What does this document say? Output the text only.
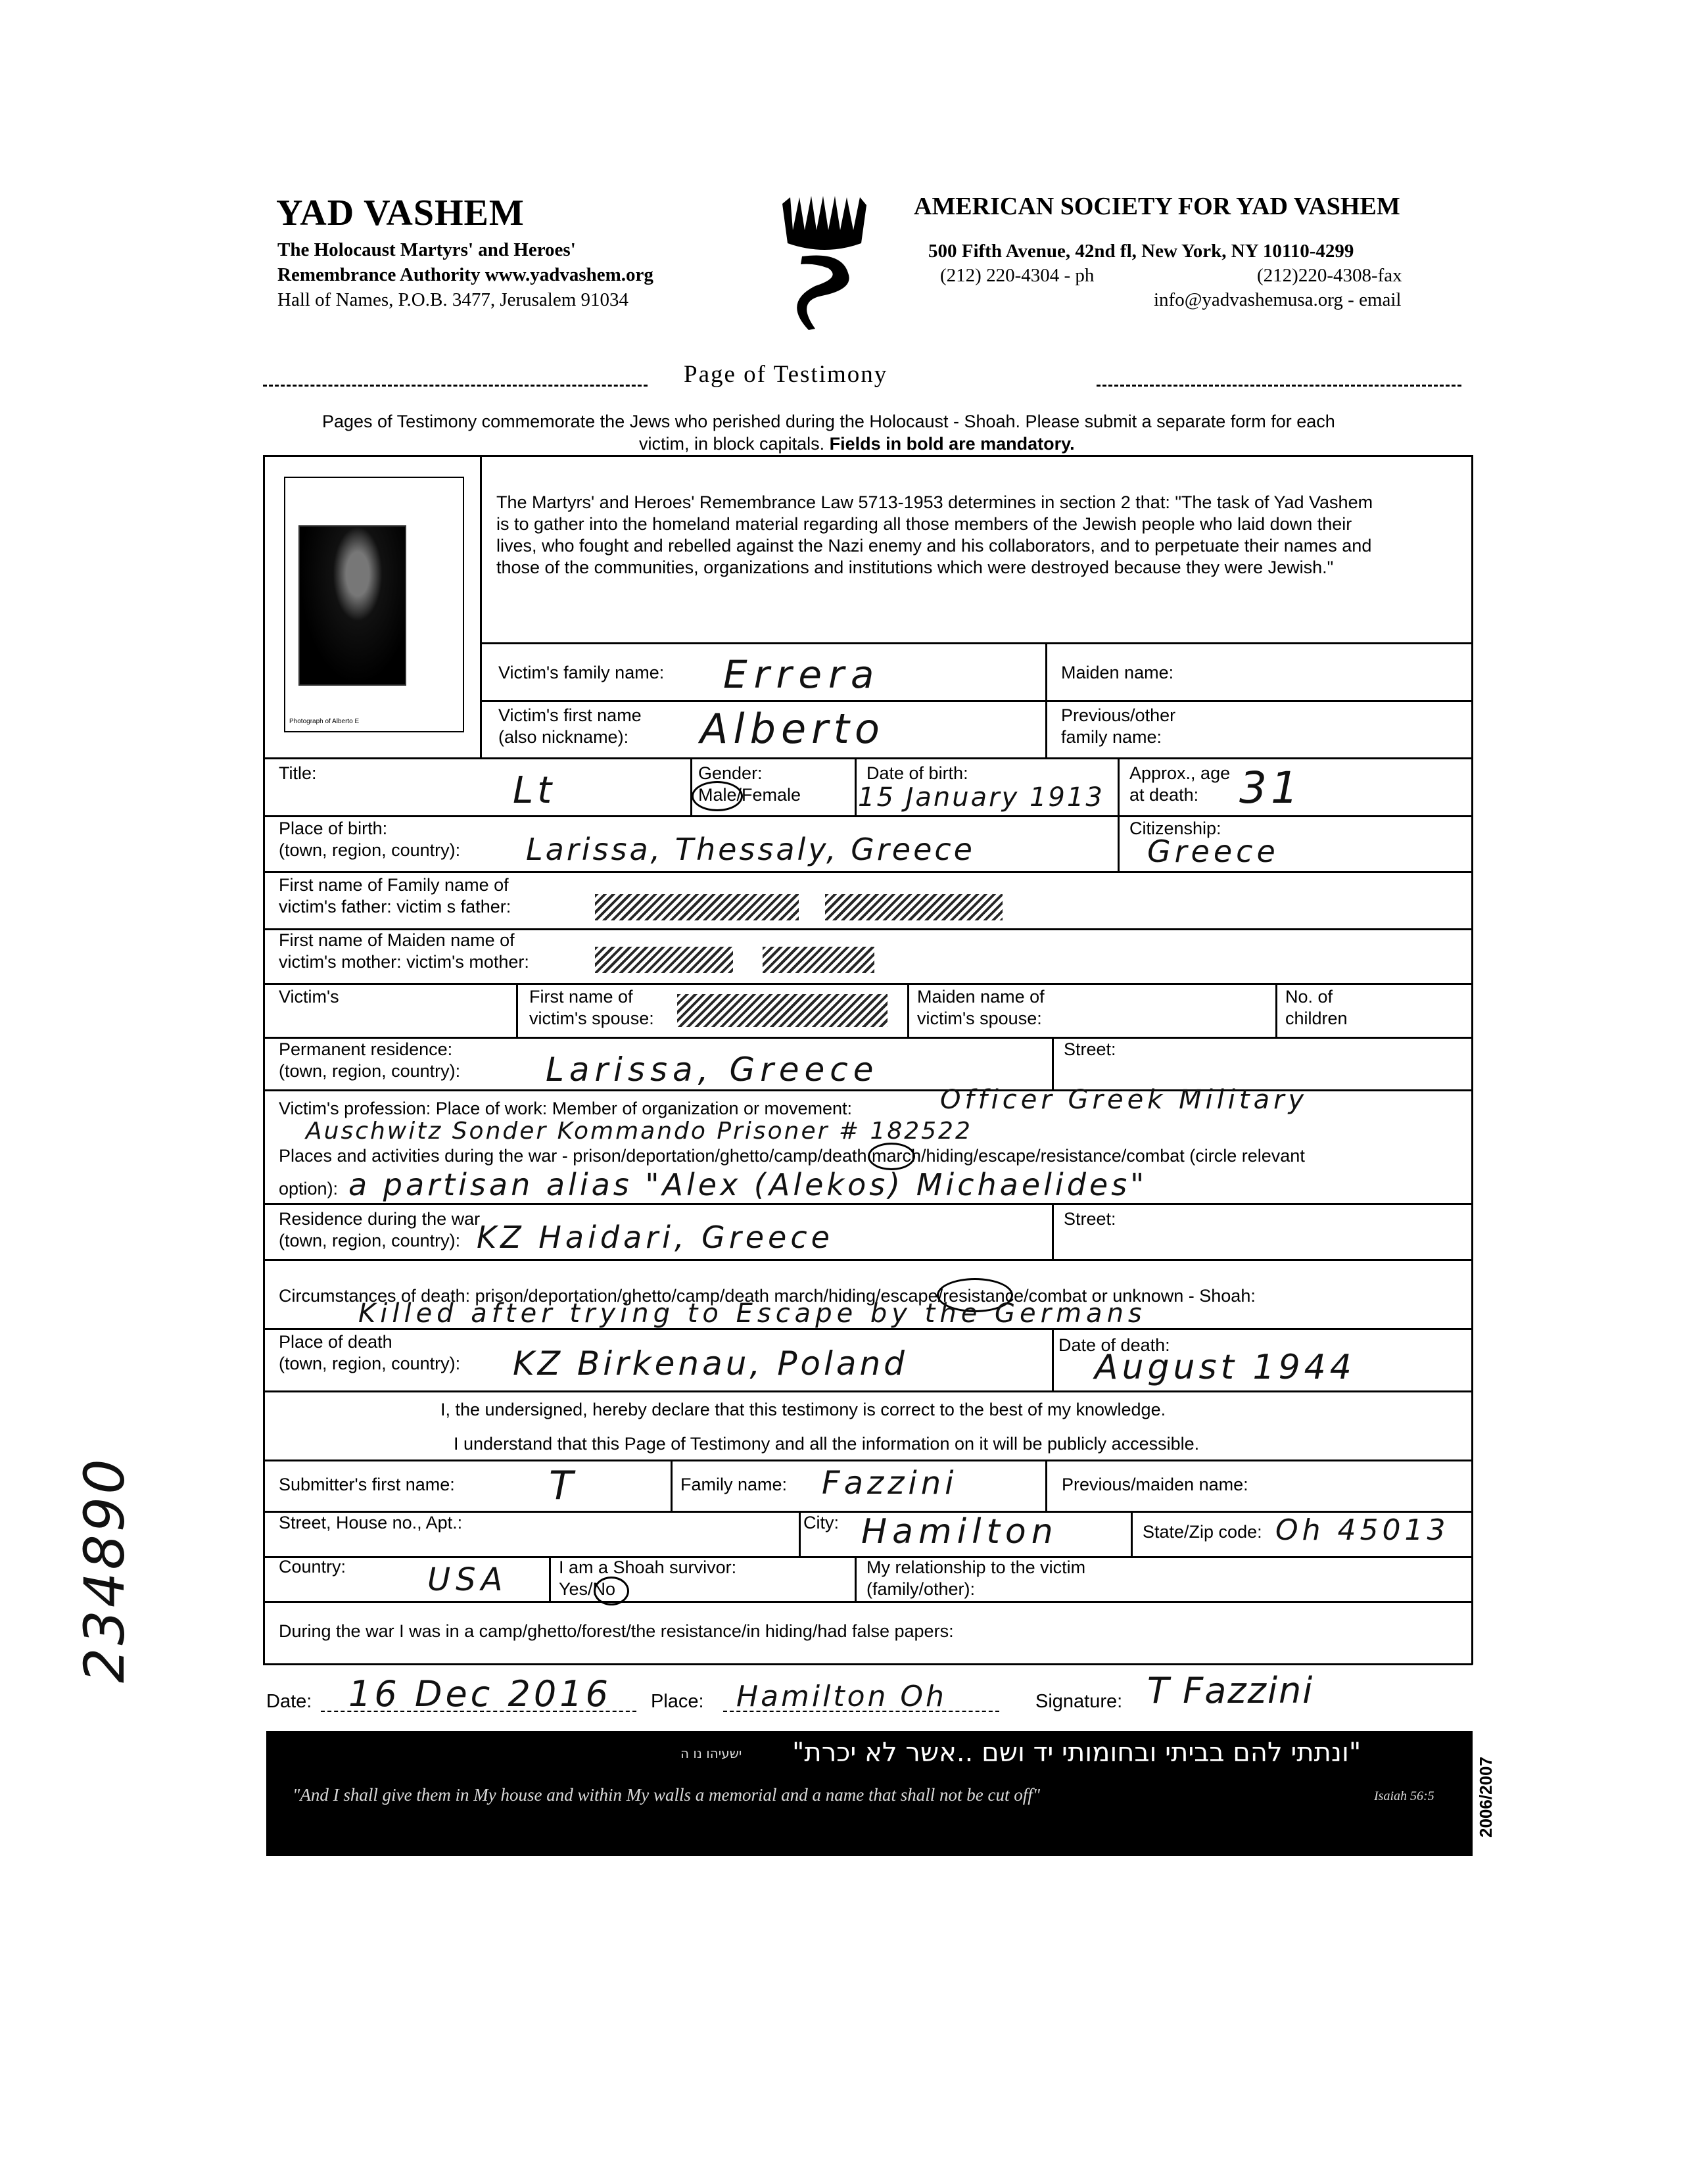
YAD VASHEM
The Holocaust Martyrs' and Heroes'
Remembrance Authority www.yadvashem.org
Hall of Names, P.O.B. 3477, Jerusalem 91034
AMERICAN SOCIETY FOR YAD VASHEM
500 Fifth Avenue, 42nd fl, New York, NY 10110-4299
(212) 220-4304 - ph	(212)220-4308-fax
info@yadvashemusa.org - email
Page of Testimony
Pages of Testimony commemorate the Jews who perished during the Holocaust - Shoah. Please submit a separate form for each
victim, in block capitals. Fields in bold are mandatory.
Photograph of Alberto E
The Martyrs' and Heroes' Remembrance Law 5713-1953 determines in section 2 that: "The task of Yad Vashem
is to gather into the homeland material regarding all those members of the Jewish people who laid down their
lives, who fought and rebelled against the Nazi enemy and his collaborators, and to perpetuate their names and
those of the communities, organizations and institutions which were destroyed because they were Jewish."
Victim's family name: Errera	Maiden name:
Victim's first name
(also nickname):	Alberto	Previous/other
family name:
Title:	Lt	Gender:
Male/Female
Date of birth:
15 January 1913
Approx., age
at death: 31
Place of birth:
(town, region, country): Larissa, Thessaly, Greece
Citizenship:
Greece
First name of Family name of
victim's father: victim s father:
First name of Maiden name of
victim's mother: victim's mother:
Victim's	First name of
victim's spouse:
Maiden name of
victim's spouse:
No. of
children
Permanent residence:
(town, region, country):	Larissa, Greece
Street:
Victim's profession: Place of work: Member of organization or movement:	Officer Greek Military
Auschwitz Sonder Kommando Prisoner # 182522
Places and activities during the war - prison/deportation/ghetto/camp/death march/hiding/escape/resistance/combat (circle relevant
option): a partisan alias "Alex (Alekos) Michaelides"
Residence during the war
(town, region, country): KZ Haidari, Greece
Street:
Circumstances of death: prison/deportation/ghetto/camp/death march/hiding/escape/resistance/combat or unknown - Shoah:
Killed after trying to Escape by the Germans
Place of death
(town, region, country): KZ Birkenau, Poland	Date of death:
August 1944
I, the undersigned, hereby declare that this testimony is correct to the best of my knowledge.
I understand that this Page of Testimony and all the information on it will be publicly accessible.
Submitter's first name: T	Family name: Fazzini	Previous/maiden name:
Street, House no., Apt.:	City: Hamilton	State/Zip code: Oh 45013
Country:	USA	I am a Shoah survivor:
Yes/No
My relationship to the victim
(family/other):
During the war I was in a camp/ghetto/forest/the resistance/in hiding/had false papers:
Date: 16 Dec 2016 Place: Hamilton Oh	Signature: T Fazzini
234890
ישעיהו נו ה "ונתתי להם בביתי ובחומותי יד ושם ..אשר לא יכרת"
"And I shall give them in My house and within My walls a memorial and a name that shall not be cut off"	Isaiah 56:5 2006/2007
